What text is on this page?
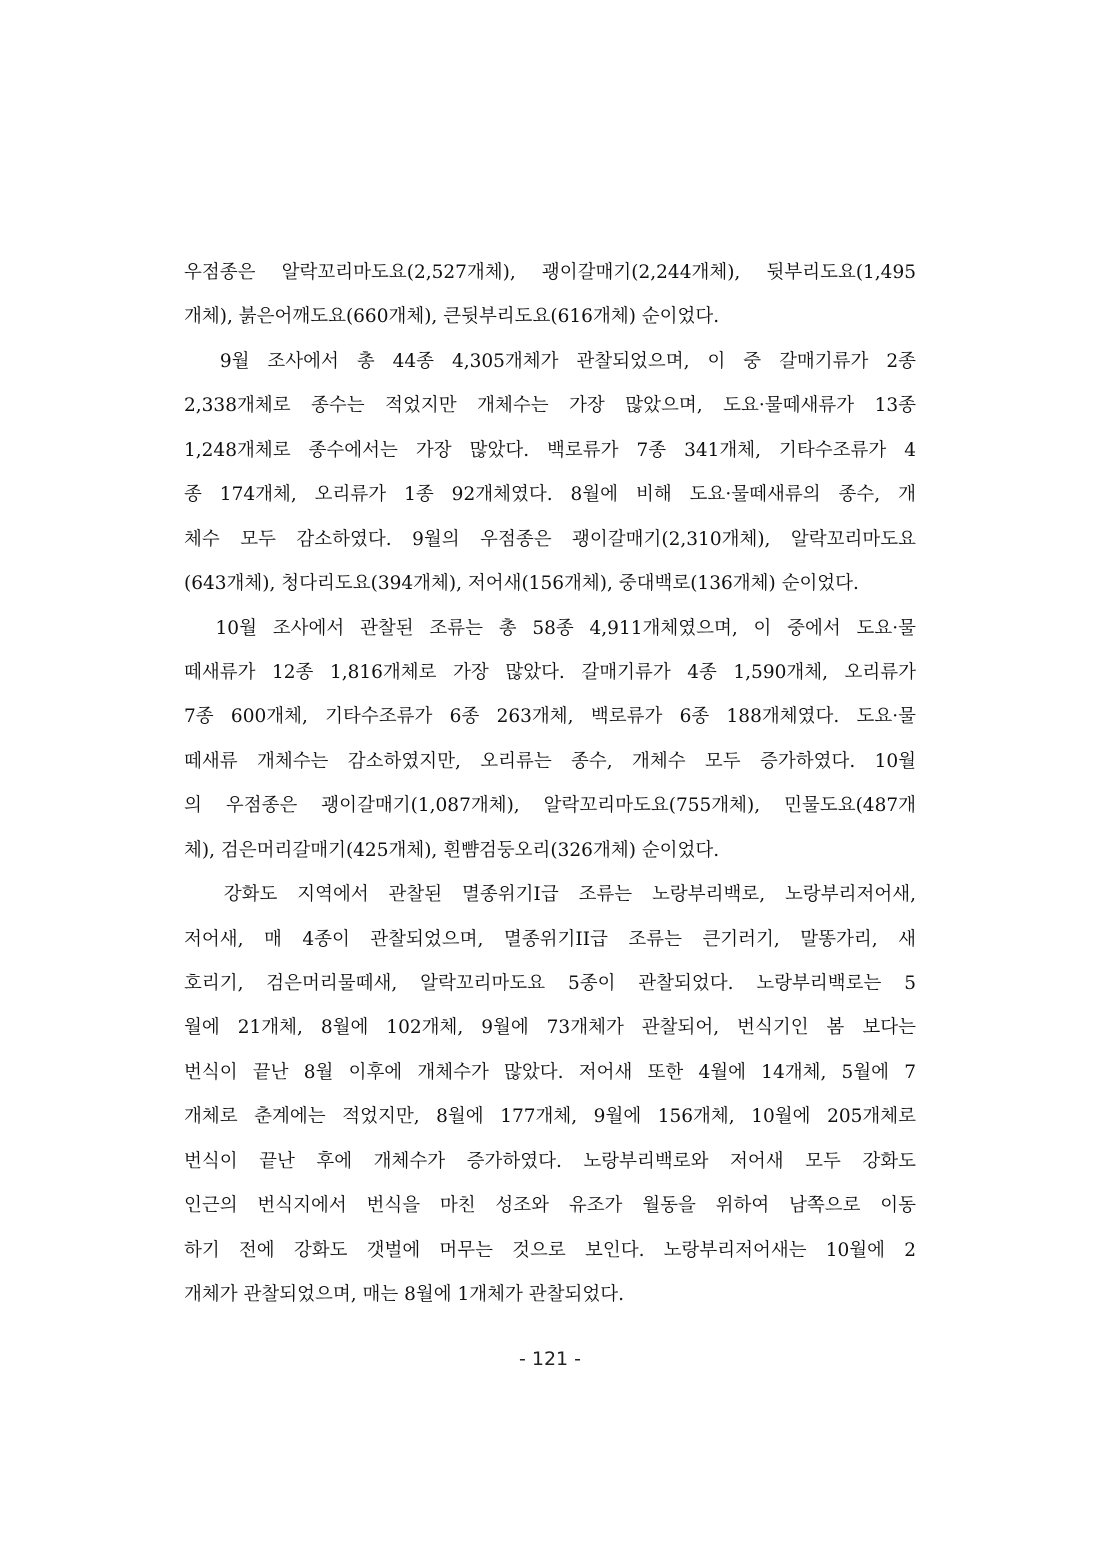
우점종은 알락꼬리마도요(2,527개체), 괭이갈매기(2,244개체), 뒷부리도요(1,495
개체), 붉은어깨도요(660개체), 큰뒷부리도요(616개체) 순이었다.
9월 조사에서 총 44종 4,305개체가 관찰되었으며, 이 중 갈매기류가 2종
2,338개체로 종수는 적었지만 개체수는 가장 많았으며, 도요·물떼새류가 13종
1,248개체로 종수에서는 가장 많았다. 백로류가 7종 341개체, 기타수조류가 4
종 174개체, 오리류가 1종 92개체였다. 8월에 비해 도요·물떼새류의 종수, 개
체수 모두 감소하였다. 9월의 우점종은 괭이갈매기(2,310개체), 알락꼬리마도요
(643개체), 청다리도요(394개체), 저어새(156개체), 중대백로(136개체) 순이었다.
10월 조사에서 관찰된 조류는 총 58종 4,911개체였으며, 이 중에서 도요·물
떼새류가 12종 1,816개체로 가장 많았다. 갈매기류가 4종 1,590개체, 오리류가
7종 600개체, 기타수조류가 6종 263개체, 백로류가 6종 188개체였다. 도요·물
떼새류 개체수는 감소하였지만, 오리류는 종수, 개체수 모두 증가하였다. 10월
의 우점종은 괭이갈매기(1,087개체), 알락꼬리마도요(755개체), 민물도요(487개
체), 검은머리갈매기(425개체), 흰뺨검둥오리(326개체) 순이었다.
강화도 지역에서 관찰된 멸종위기I급 조류는 노랑부리백로, 노랑부리저어새,
저어새, 매 4종이 관찰되었으며, 멸종위기II급 조류는 큰기러기, 말똥가리, 새
호리기, 검은머리물떼새, 알락꼬리마도요 5종이 관찰되었다. 노랑부리백로는 5
월에 21개체, 8월에 102개체, 9월에 73개체가 관찰되어, 번식기인 봄 보다는
번식이 끝난 8월 이후에 개체수가 많았다. 저어새 또한 4월에 14개체, 5월에 7
개체로 춘계에는 적었지만, 8월에 177개체, 9월에 156개체, 10월에 205개체로
번식이 끝난 후에 개체수가 증가하였다. 노랑부리백로와 저어새 모두 강화도
인근의 번식지에서 번식을 마친 성조와 유조가 월동을 위하여 남쪽으로 이동
하기 전에 강화도 갯벌에 머무는 것으로 보인다. 노랑부리저어새는 10월에 2
개체가 관찰되었으며, 매는 8월에 1개체가 관찰되었다.
- 121 -
